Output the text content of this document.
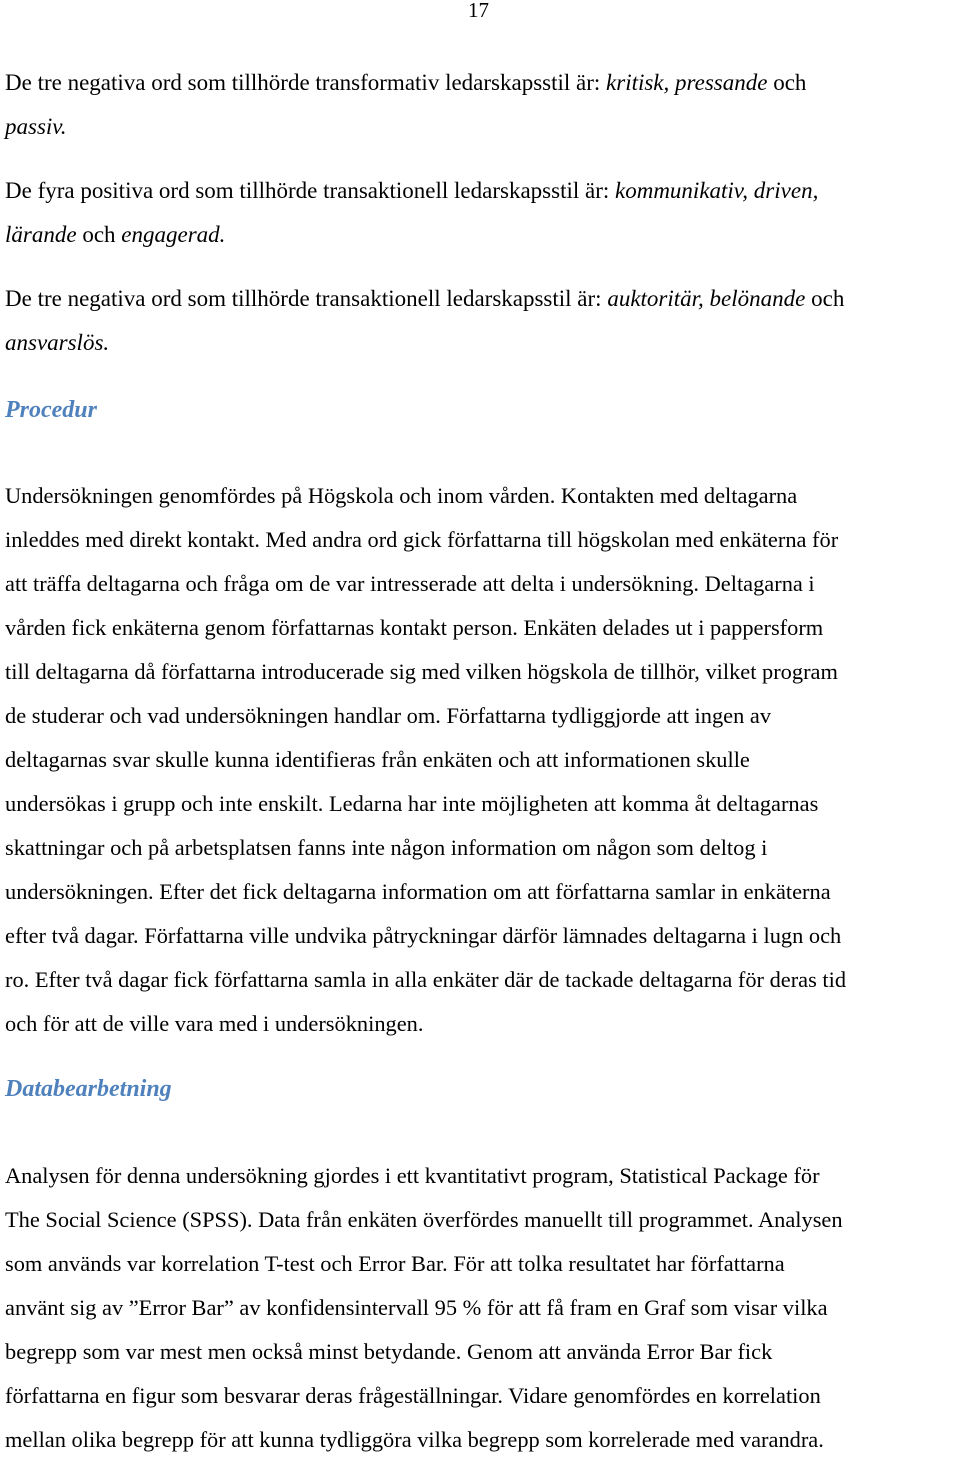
17

De tre negativa ord som tillhörde transformativ ledarskapsstil är: kritisk, pressande och

passiv.

De fyra positiva ord som tillhörde transaktionell ledarskapsstil är: kommunikativ, driven,

lärande och engagerad.

De tre negativa ord som tillhörde transaktionell ledarskapsstil är: auktoritär, belönande och

ansvarslös.

Procedur

Undersökningen genomfördes på Högskola och inom vården. Kontakten med deltagarna

inleddes med direkt kontakt. Med andra ord gick författarna till högskolan med enkäterna för

att träffa deltagarna och fråga om de var intresserade att delta i undersökning. Deltagarna i

vården fick enkäterna genom författarnas kontakt person. Enkäten delades ut i pappersform

till deltagarna då författarna introducerade sig med vilken högskola de tillhör, vilket program

de studerar och vad undersökningen handlar om. Författarna tydliggjorde att ingen av

deltagarnas svar skulle kunna identifieras från enkäten och att informationen skulle

undersökas i grupp och inte enskilt. Ledarna har inte möjligheten att komma åt deltagarnas

skattningar och på arbetsplatsen fanns inte någon information om någon som deltog i

undersökningen. Efter det fick deltagarna information om att författarna samlar in enkäterna

efter två dagar. Författarna ville undvika påtryckningar därför lämnades deltagarna i lugn och

ro. Efter två dagar fick författarna samla in alla enkäter där de tackade deltagarna för deras tid

och för att de ville vara med i undersökningen.

Databearbetning

Analysen för denna undersökning gjordes i ett kvantitativt program, Statistical Package för

The Social Science (SPSS). Data från enkäten överfördes manuellt till programmet. Analysen

som används var korrelation T-test och Error Bar. För att tolka resultatet har författarna

använt sig av ”Error Bar” av konfidensintervall 95 % för att få fram en Graf som visar vilka

begrepp som var mest men också minst betydande. Genom att använda Error Bar fick

författarna en figur som besvarar deras frågeställningar. Vidare genomfördes en korrelation

mellan olika begrepp för att kunna tydliggöra vilka begrepp som korrelerade med varandra.
